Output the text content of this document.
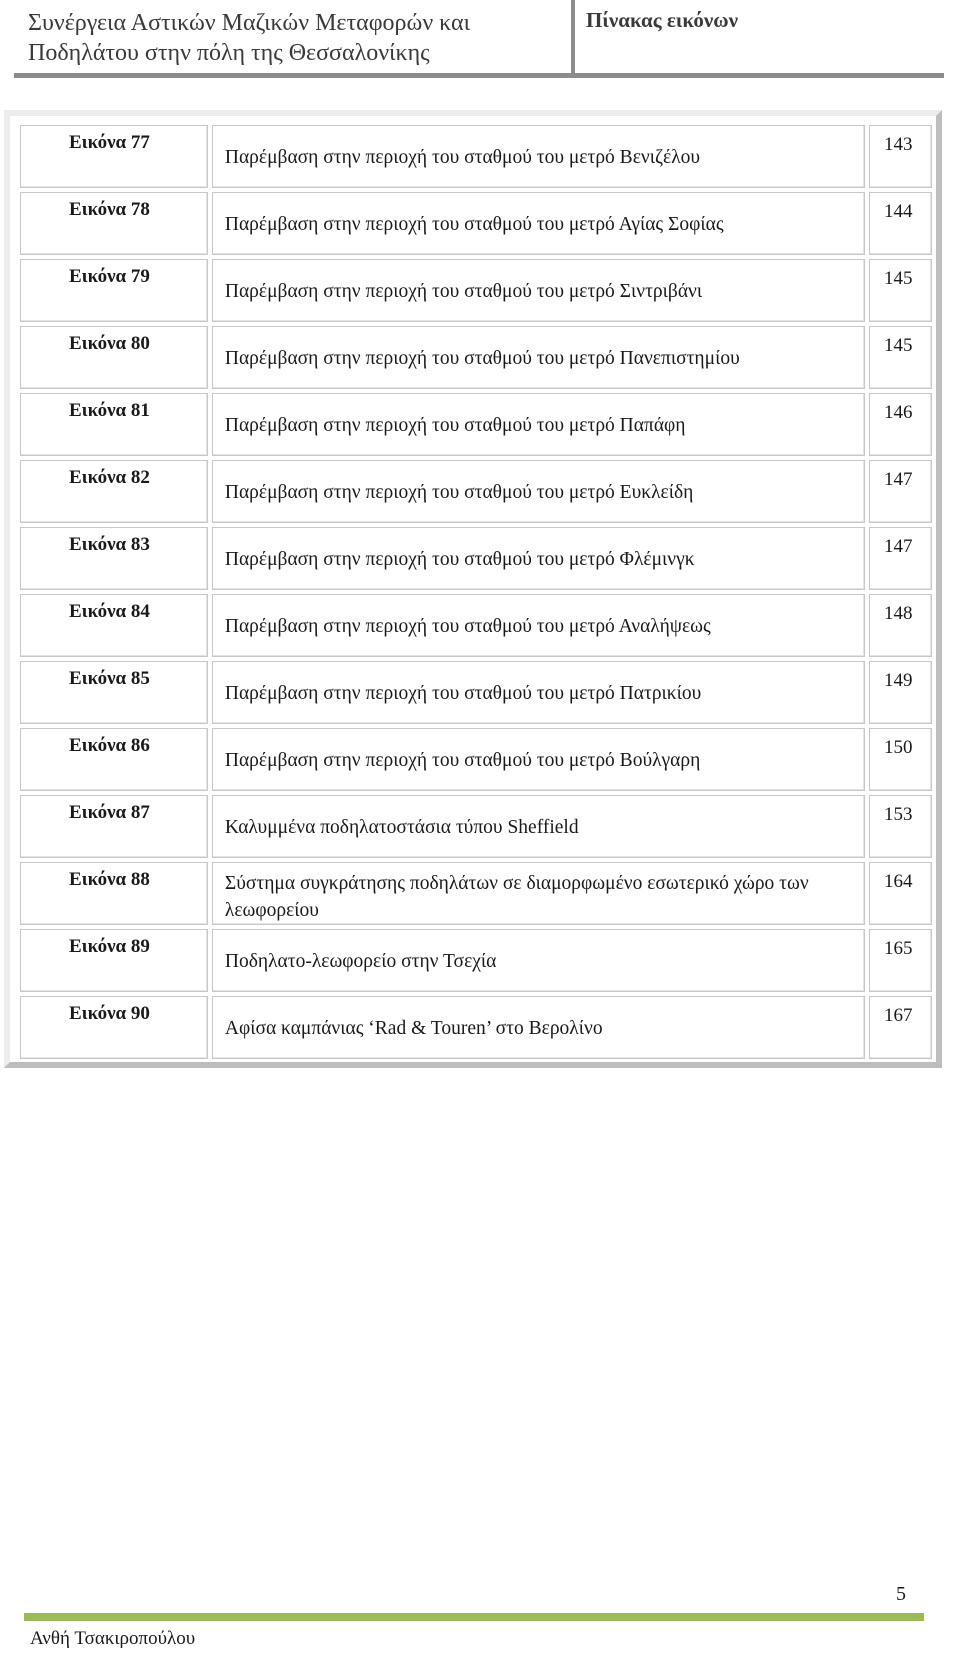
Συνέργεια Αστικών Μαζικών Μεταφορών και
Ποδηλάτου στην πόλη της Θεσσαλονίκης
Πίνακας εικόνων
Εικόνα 77	Παρέμβαση στην περιοχή του σταθμού του μετρό Βενιζέλου	143

Εικόνα 78	Παρέμβαση στην περιοχή του σταθμού του μετρό Αγίας Σοφίας	144

Εικόνα 79	Παρέμβαση στην περιοχή του σταθμού του μετρό Σιντριβάνι	145

Εικόνα 80	Παρέμβαση στην περιοχή του σταθμού του μετρό Πανεπιστημίου	145

Εικόνα 81	Παρέμβαση στην περιοχή του σταθμού του μετρό Παπάφη	146

Εικόνα 82	Παρέμβαση στην περιοχή του σταθμού του μετρό Ευκλείδη	147

Εικόνα 83	Παρέμβαση στην περιοχή του σταθμού του μετρό Φλέμινγκ	147

Εικόνα 84	Παρέμβαση στην περιοχή του σταθμού του μετρό Αναλήψεως	148

Εικόνα 85	Παρέμβαση στην περιοχή του σταθμού του μετρό Πατρικίου	149

Εικόνα 86	Παρέμβαση στην περιοχή του σταθμού του μετρό Βούλγαρη	150

Εικόνα 87	Καλυμμένα ποδηλατοστάσια τύπου Sheffield	153

Εικόνα 88	Σύστημα συγκράτησης ποδηλάτων σε διαμορφωμένο εσωτερικό χώρο των λεωφορείου	164

Εικόνα 89	Ποδηλατο-λεωφορείο στην Τσεχία	165

Εικόνα 90	Αφίσα καμπάνιας ‘Rad & Touren’ στο Βερολίνο	167
5
Ανθή Τσακιροπούλου
